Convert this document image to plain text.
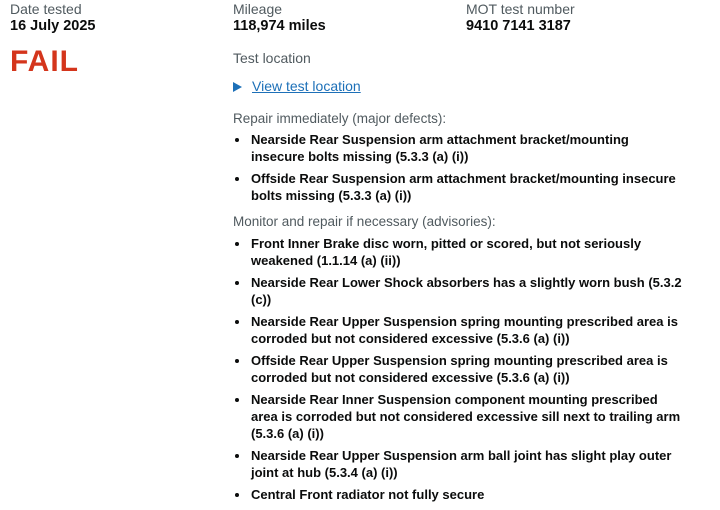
Date tested
16 July 2025
FAIL
Mileage
118,974 miles
MOT test number
9410 7141 3187
Test location
View test location

Repair immediately (major defects):

• Nearside Rear Suspension arm attachment bracket/mounting insecure bolts missing (5.3.3 (a) (i))
• Offside Rear Suspension arm attachment bracket/mounting insecure bolts missing (5.3.3 (a) (i))

Monitor and repair if necessary (advisories):

• Front Inner Brake disc worn, pitted or scored, but not seriously weakened (1.1.14 (a) (ii))
• Nearside Rear Lower Shock absorbers has a slightly worn bush (5.3.2 (c))
• Nearside Rear Upper Suspension spring mounting prescribed area is corroded but not considered excessive (5.3.6 (a) (i))
• Offside Rear Upper Suspension spring mounting prescribed area is corroded but not considered excessive (5.3.6 (a) (i))
• Nearside Rear Inner Suspension component mounting prescribed area is corroded but not considered excessive sill next to trailing arm (5.3.6 (a) (i))
• Nearside Rear Upper Suspension arm ball joint has slight play outer joint at hub (5.3.4 (a) (i))
• Central Front radiator not fully secure
